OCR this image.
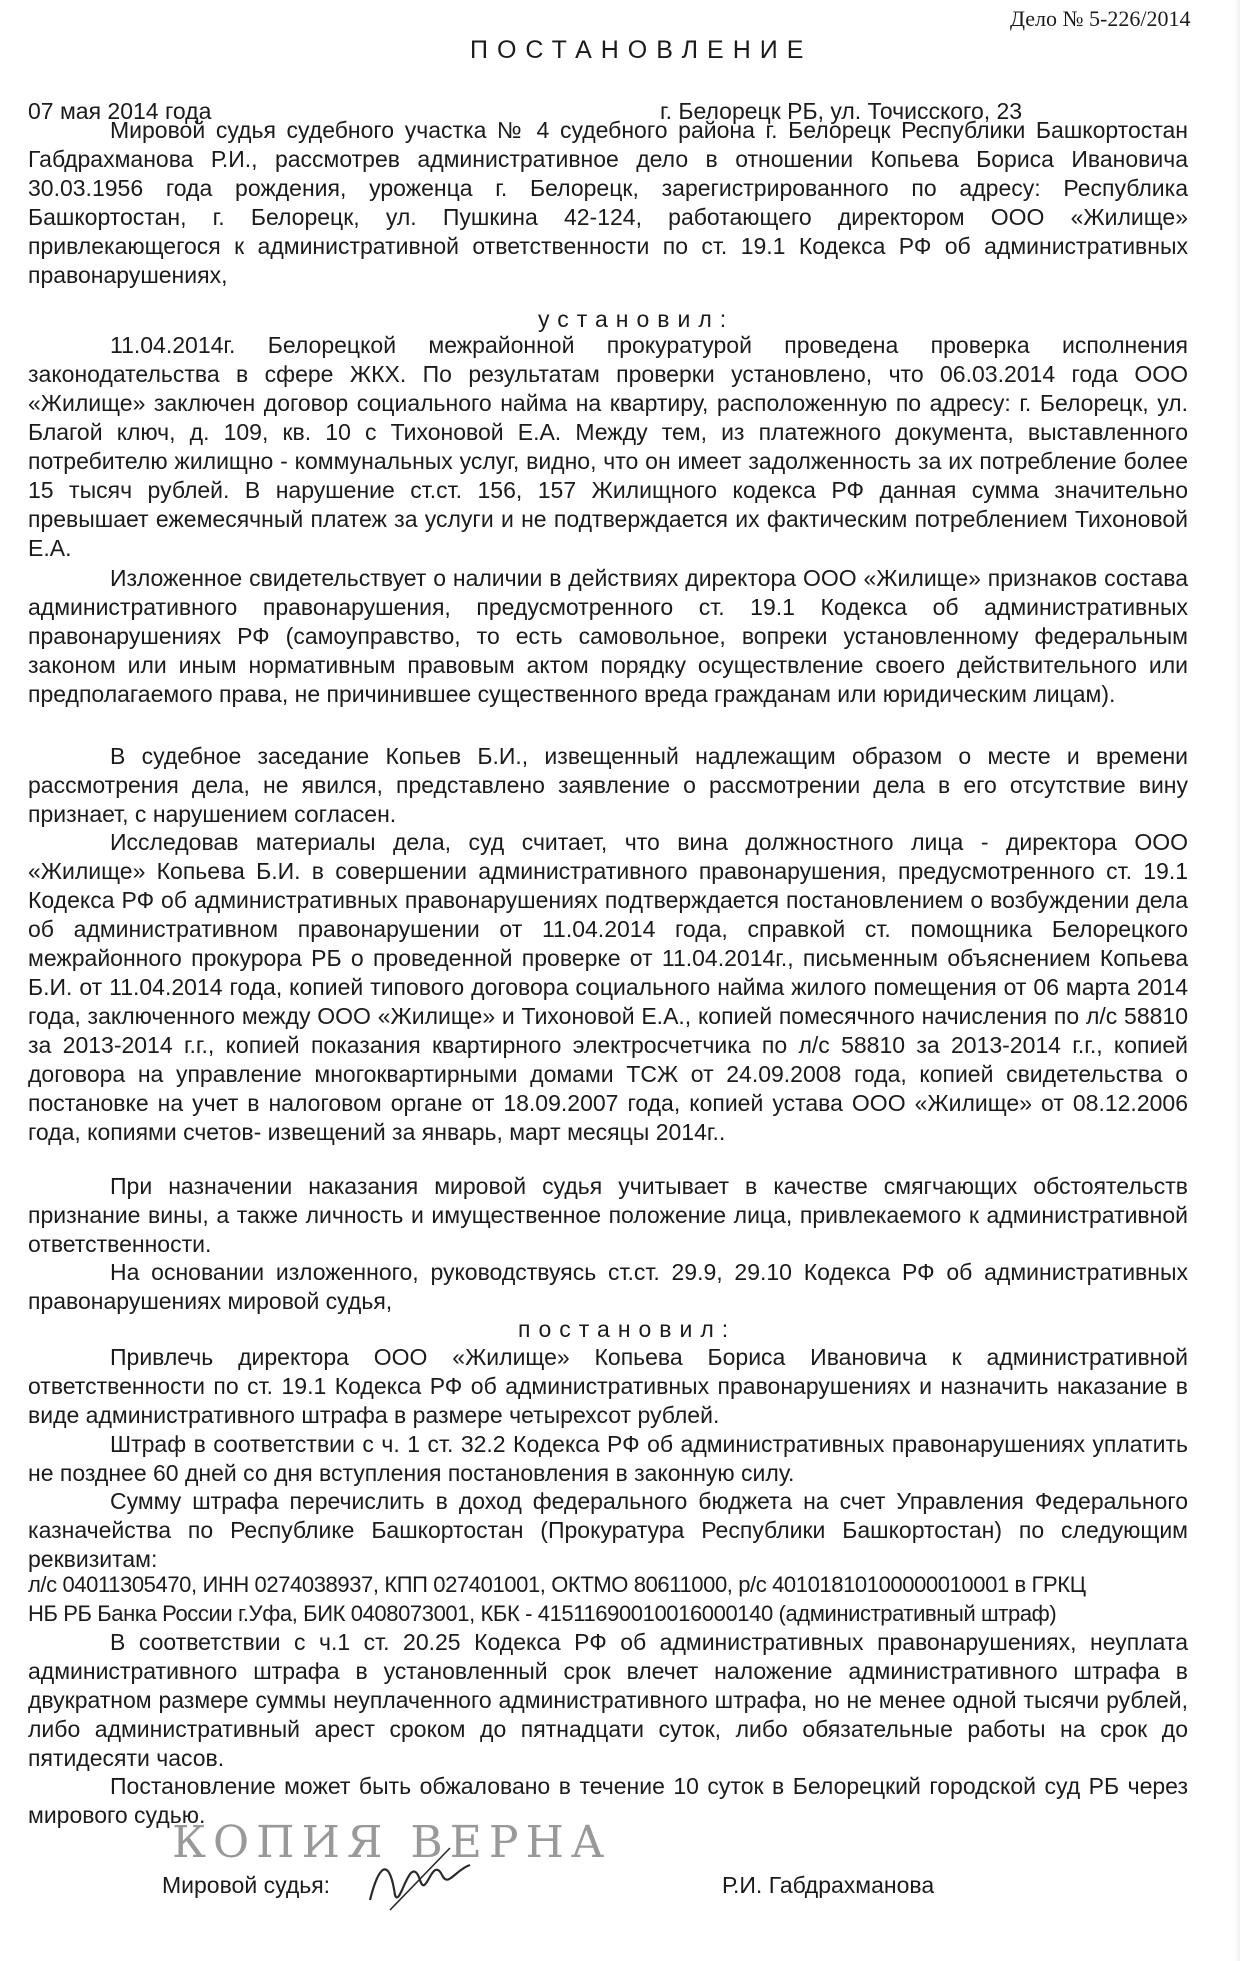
Дело № 5-226/2014
ПОСТАНОВЛЕНИЕ
07 мая 2014 года	г. Белорецк РБ, ул. Точисского, 23

Мировой судья судебного участка № 4 судебного района г. Белорецк Республики Башкортостан Габдрахманова Р.И., рассмотрев административное дело в отношении Копьева Бориса Ивановича 30.03.1956 года рождения, уроженца г. Белорецк, зарегистрированного по адресу: Республика Башкортостан, г. Белорецк, ул. Пушкина 42-124, работающего директором ООО «Жилище» привлекающегося к административной ответственности по ст. 19.1 Кодекса РФ об административных правонарушениях,

установил:

11.04.2014г. Белорецкой межрайонной прокуратурой проведена проверка исполнения законодательства в сфере ЖКХ. По результатам проверки установлено, что 06.03.2014 года ООО «Жилище» заключен договор социального найма на квартиру, расположенную по адресу: г. Белорецк, ул. Благой ключ, д. 109, кв. 10 с Тихоновой Е.А. Между тем, из платежного документа, выставленного потребителю жилищно - коммунальных услуг, видно, что он имеет задолженность за их потребление более 15 тысяч рублей. В нарушение ст.ст. 156, 157 Жилищного кодекса РФ данная сумма значительно превышает ежемесячный платеж за услуги и не подтверждается их фактическим потреблением Тихоновой Е.А.

Изложенное свидетельствует о наличии в действиях директора ООО «Жилище» признаков состава административного правонарушения, предусмотренного ст. 19.1 Кодекса об административных правонарушениях РФ (самоуправство, то есть самовольное, вопреки установленному федеральным законом или иным нормативным правовым актом порядку осуществление своего действительного или предполагаемого права, не причинившее существенного вреда гражданам или юридическим лицам).

В судебное заседание Копьев Б.И., извещенный надлежащим образом о месте и времени рассмотрения дела, не явился, представлено заявление о рассмотрении дела в его отсутствие вину признает, с нарушением согласен.

Исследовав материалы дела, суд считает, что вина должностного лица - директора ООО «Жилище» Копьева Б.И. в совершении административного правонарушения, предусмотренного ст. 19.1 Кодекса РФ об административных правонарушениях подтверждается постановлением о возбуждении дела об административном правонарушении от 11.04.2014 года, справкой ст. помощника Белорецкого межрайонного прокурора РБ о проведенной проверке от 11.04.2014г., письменным объяснением Копьева Б.И. от 11.04.2014 года, копией типового договора социального найма жилого помещения от 06 марта 2014 года, заключенного между ООО «Жилище» и Тихоновой Е.А., копией помесячного начисления по л/с 58810 за 2013-2014 г.г., копией показания квартирного электросчетчика по л/с 58810 за 2013-2014 г.г., копией договора на управление многоквартирными домами ТСЖ от 24.09.2008 года, копией свидетельства о постановке на учет в налоговом органе от 18.09.2007 года, копией устава ООО «Жилище» от 08.12.2006 года, копиями счетов- извещений за январь, март месяцы 2014г..

При назначении наказания мировой судья учитывает в качестве смягчающих обстоятельств признание вины, а также личность и имущественное положение лица, привлекаемого к административной ответственности.

На основании изложенного, руководствуясь ст.ст. 29.9, 29.10 Кодекса РФ об административных правонарушениях мировой судья,

постановил:

Привлечь директора ООО «Жилище» Копьева Бориса Ивановича к административной ответственности по ст. 19.1 Кодекса РФ об административных правонарушениях и назначить наказание в виде административного штрафа в размере четырехсот рублей.

Штраф в соответствии с ч. 1 ст. 32.2 Кодекса РФ об административных правонарушениях уплатить не позднее 60 дней со дня вступления постановления в законную силу.

Сумму штрафа перечислить в доход федерального бюджета на счет Управления Федерального казначейства по Республике Башкортостан (Прокуратура Республики Башкортостан) по следующим реквизитам:

л/с 04011305470, ИНН 0274038937, КПП 027401001, ОКТМО 80611000, р/с 40101810100000010001 в ГРКЦ
НБ РБ Банка России г.Уфа, БИК 0408073001, КБК - 41511690010016000140 (административный штраф)

В соответствии с ч.1 ст. 20.25 Кодекса РФ об административных правонарушениях, неуплата административного штрафа в установленный срок влечет наложение административного штрафа в двукратном размере суммы неуплаченного административного штрафа, но не менее одной тысячи рублей, либо административный арест сроком до пятнадцати суток, либо обязательные работы на срок до пятидесяти часов.

Постановление может быть обжаловано в течение 10 суток в Белорецкий городской суд РБ через мирового судью.

КОПИЯ ВЕРНА
Мировой судья:	Р.И. Габдрахманова
